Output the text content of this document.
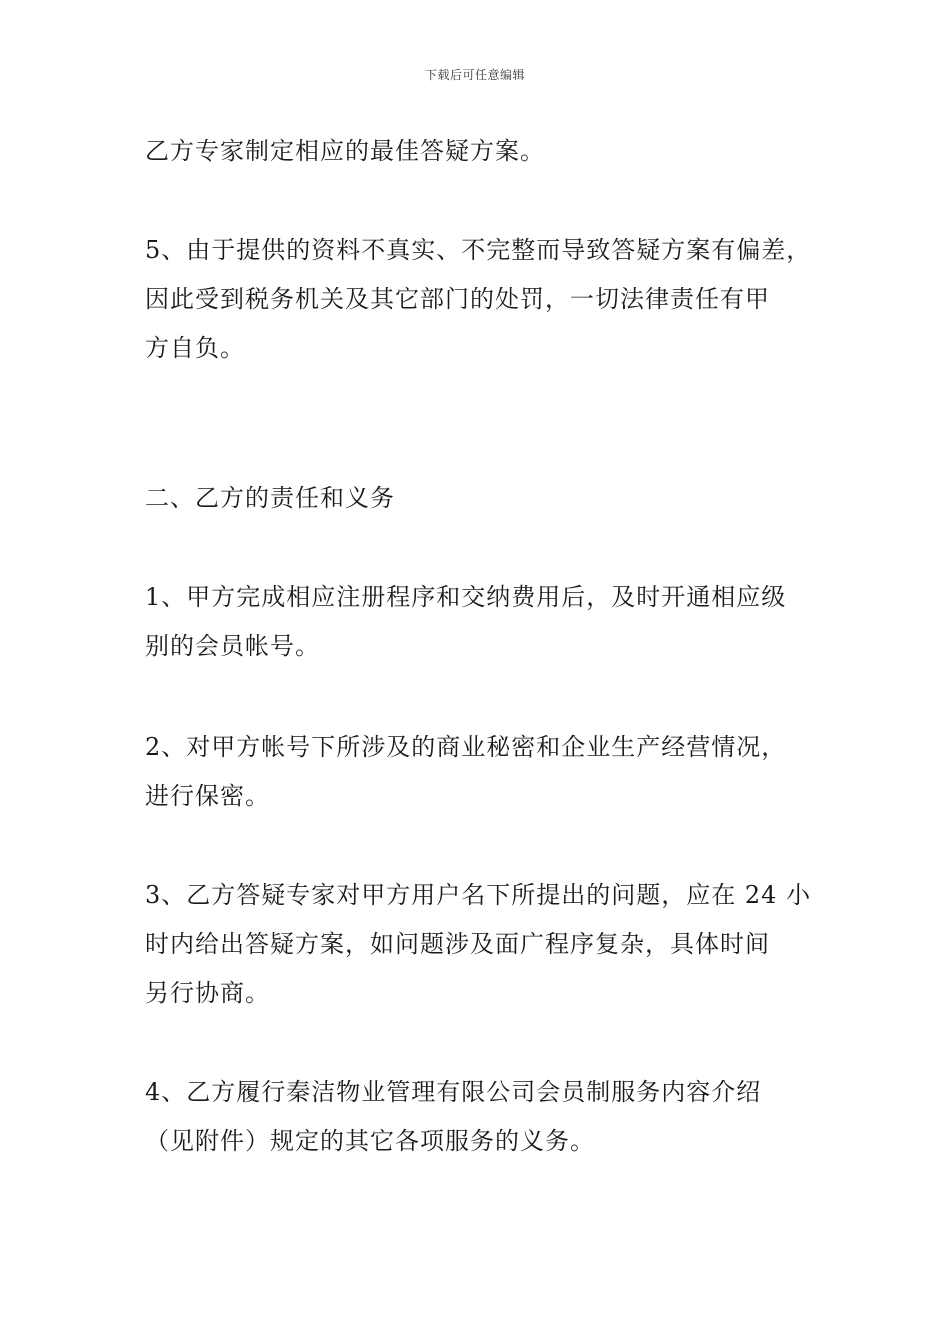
下载后可任意编辑
乙方专家制定相应的最佳答疑方案。
5、由于提供的资料不真实、不完整而导致答疑方案有偏差，
因此受到税务机关及其它部门的处罚，一切法律责任有甲
方自负。
二、乙方的责任和义务
1、甲方完成相应注册程序和交纳费用后，及时开通相应级
别的会员帐号。
2、对甲方帐号下所涉及的商业秘密和企业生产经营情况，
进行保密。
3、乙方答疑专家对甲方用户名下所提出的问题，应在 24 小
时内给出答疑方案，如问题涉及面广程序复杂，具体时间
另行协商。
4、乙方履行秦洁物业管理有限公司会员制服务内容介绍
（见附件）规定的其它各项服务的义务。
